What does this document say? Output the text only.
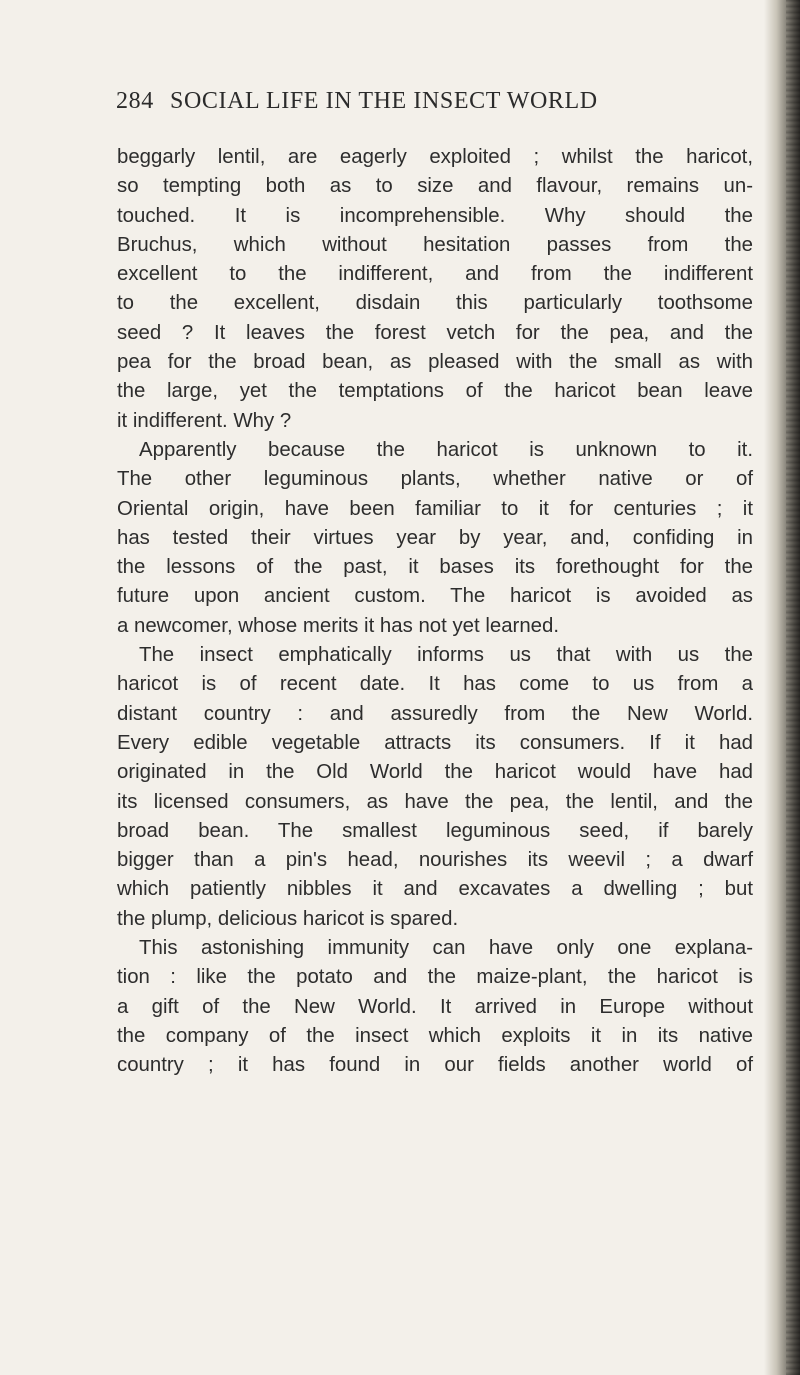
284 SOCIAL LIFE IN THE INSECT WORLD
beggarly lentil, are eagerly exploited ; whilst the haricot,
so tempting both as to size and flavour, remains un-
touched. It is incomprehensible. Why should the
Bruchus, which without hesitation passes from the
excellent to the indifferent, and from the indifferent
to the excellent, disdain this particularly toothsome
seed ? It leaves the forest vetch for the pea, and the
pea for the broad bean, as pleased with the small as with
the large, yet the temptations of the haricot bean leave
it indifferent. Why ?
Apparently because the haricot is unknown to it.
The other leguminous plants, whether native or of
Oriental origin, have been familiar to it for centuries ; it
has tested their virtues year by year, and, confiding in
the lessons of the past, it bases its forethought for the
future upon ancient custom. The haricot is avoided as
a newcomer, whose merits it has not yet learned.
The insect emphatically informs us that with us the
haricot is of recent date. It has come to us from a
distant country : and assuredly from the New World.
Every edible vegetable attracts its consumers. If it had
originated in the Old World the haricot would have had
its licensed consumers, as have the pea, the lentil, and the
broad bean. The smallest leguminous seed, if barely
bigger than a pin's head, nourishes its weevil ; a dwarf
which patiently nibbles it and excavates a dwelling ; but
the plump, delicious haricot is spared.
This astonishing immunity can have only one explana-
tion : like the potato and the maize-plant, the haricot is
a gift of the New World. It arrived in Europe without
the company of the insect which exploits it in its native
country ; it has found in our fields another world of
